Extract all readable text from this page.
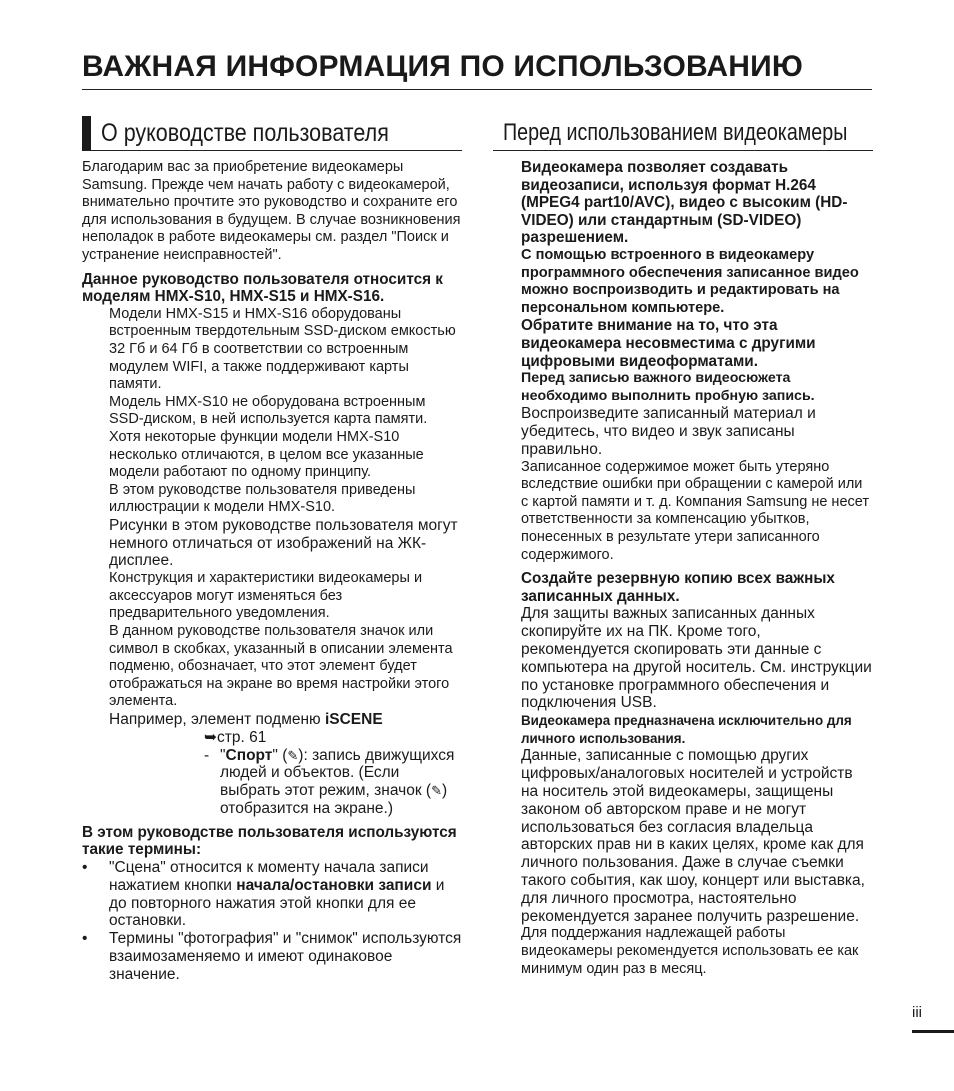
ВАЖНАЯ ИНФОРМАЦИЯ ПО ИСПОЛЬЗОВАНИЮ
О руководстве пользователя

Благодарим вас за приобретение видеокамеры Samsung. Прежде чем начать работу с видеокамерой, внимательно прочтите это руководство и сохраните его для использования в будущем. В случае возникновения неполадок в работе видеокамеры см. раздел "Поиск и устранение неисправностей".

Данное руководство пользователя относится к моделям HMX-S10, HMX-S15 и HMX-S16.

Модели HMX-S15 и HMX-S16 оборудованы встроенным твердотельным SSD-диском емкостью 32 Гб и 64 Гб в соответствии со встроенным модулем WIFI, а также поддерживают карты памяти.

Модель HMX-S10 не оборудована встроенным SSD-диском, в ней используется карта памяти.

Хотя некоторые функции модели HMX-S10 несколько отличаются, в целом все указанные модели работают по одному принципу.

В этом руководстве пользователя приведены иллюстрации к модели HMX-S10.

Рисунки в этом руководстве пользователя могут немного отличаться от изображений на ЖК-дисплее.

Конструкция и характеристики видеокамеры и аксессуаров могут изменяться без предварительного уведомления.

В данном руководстве пользователя значок или символ в скобках, указанный в описании элемента подменю, обозначает, что этот элемент будет отображаться на экране во время настройки этого элемента.

Например, элемент подменю iSCENE

➥стр. 61

- "Спорт" (✎): запись движущихся людей и объектов. (Если выбрать этот режим, значок (✎) отобразится на экране.)

В этом руководстве пользователя используются такие термины:

• "Сцена" относится к моменту начала записи нажатием кнопки начала/остановки записи и до повторного нажатия этой кнопки для ее остановки.

• Термины "фотография" и "снимок" используются взаимозаменяемо и имеют одинаковое значение.

Перед использованием видеокамеры

Видеокамера позволяет создавать видеозаписи, используя формат H.264 (MPEG4 part10/AVC), видео с высоким (HD-VIDEO) или стандартным (SD-VIDEO) разрешением.

С помощью встроенного в видеокамеру программного обеспечения записанное видео можно воспроизводить и редактировать на персональном компьютере.

Обратите внимание на то, что эта видеокамера несовместима с другими цифровыми видеоформатами.

Перед записью важного видеосюжета необходимо выполнить пробную запись.

Воспроизведите записанный материал и убедитесь, что видео и звук записаны правильно.

Записанное содержимое может быть утеряно вследствие ошибки при обращении с камерой или с картой памяти и т. д. Компания Samsung не несет ответственности за компенсацию убытков, понесенных в результате утери записанного содержимого.

Создайте резервную копию всех важных записанных данных.

Для защиты важных записанных данных скопируйте их на ПК. Кроме того, рекомендуется скопировать эти данные с компьютера на другой носитель. См. инструкции по установке программного обеспечения и подключения USB.

Видеокамера предназначена исключительно для личного использования.

Данные, записанные с помощью других цифровых/аналоговых носителей и устройств на носитель этой видеокамеры, защищены законом об авторском праве и не могут использоваться без согласия владельца авторских прав ни в каких целях, кроме как для личного пользования. Даже в случае съемки такого события, как шоу, концерт или выставка, для личного просмотра, настоятельно рекомендуется заранее получить разрешение.

Для поддержания надлежащей работы видеокамеры рекомендуется использовать ее как минимум один раз в месяц.

iii
